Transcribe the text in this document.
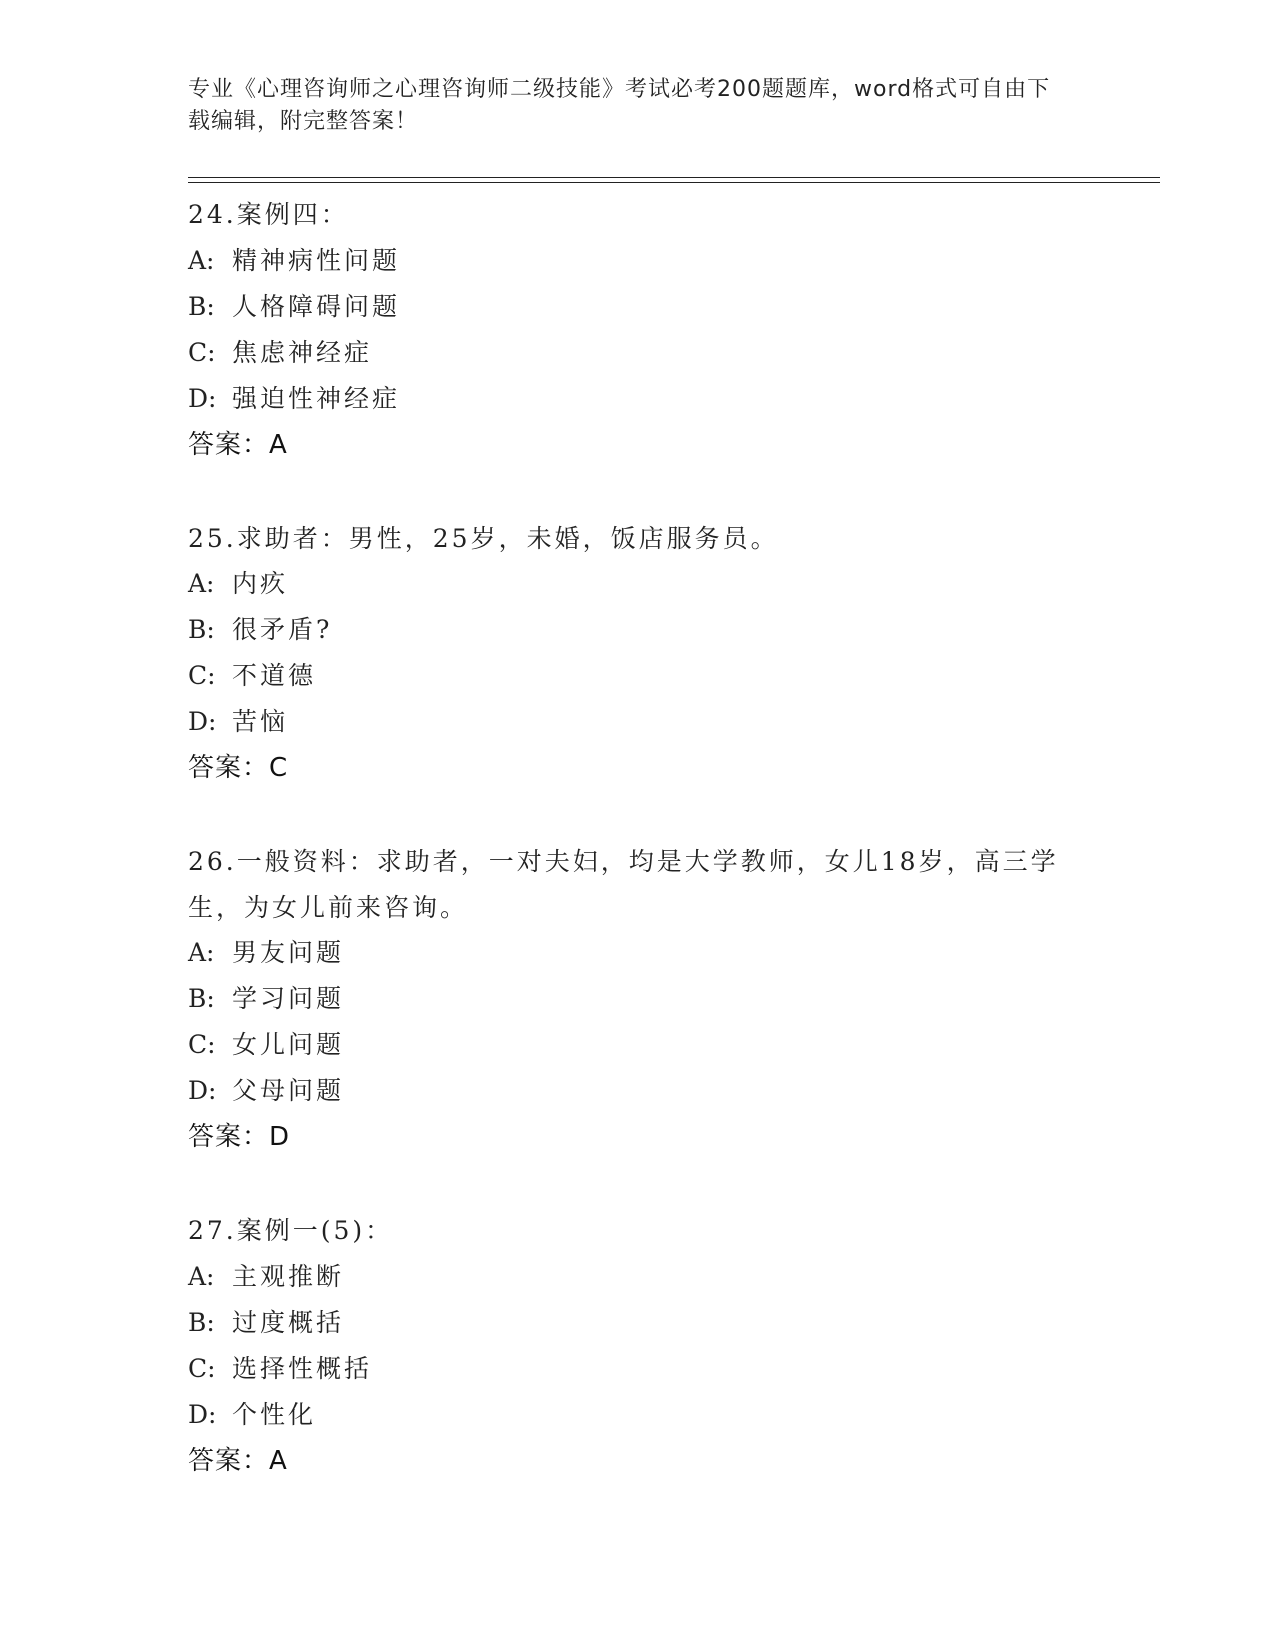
专业《心理咨询师之心理咨询师二级技能》考试必考200题题库，word格式可自由下载编辑，附完整答案！
24.案例四：
A: 精神病性问题
B: 人格障碍问题
C: 焦虑神经症
D: 强迫性神经症
答案：A
25.求助者：男性，25岁，未婚，饭店服务员。
A: 内疚
B: 很矛盾?
C: 不道德
D: 苦恼
答案：C
26.一般资料：求助者，一对夫妇，均是大学教师，女儿18岁，高三学生，为女儿前来咨询。
A: 男友问题
B: 学习问题
C: 女儿问题
D: 父母问题
答案：D
27.案例一(5)：
A: 主观推断
B: 过度概括
C: 选择性概括
D: 个性化
答案：A
